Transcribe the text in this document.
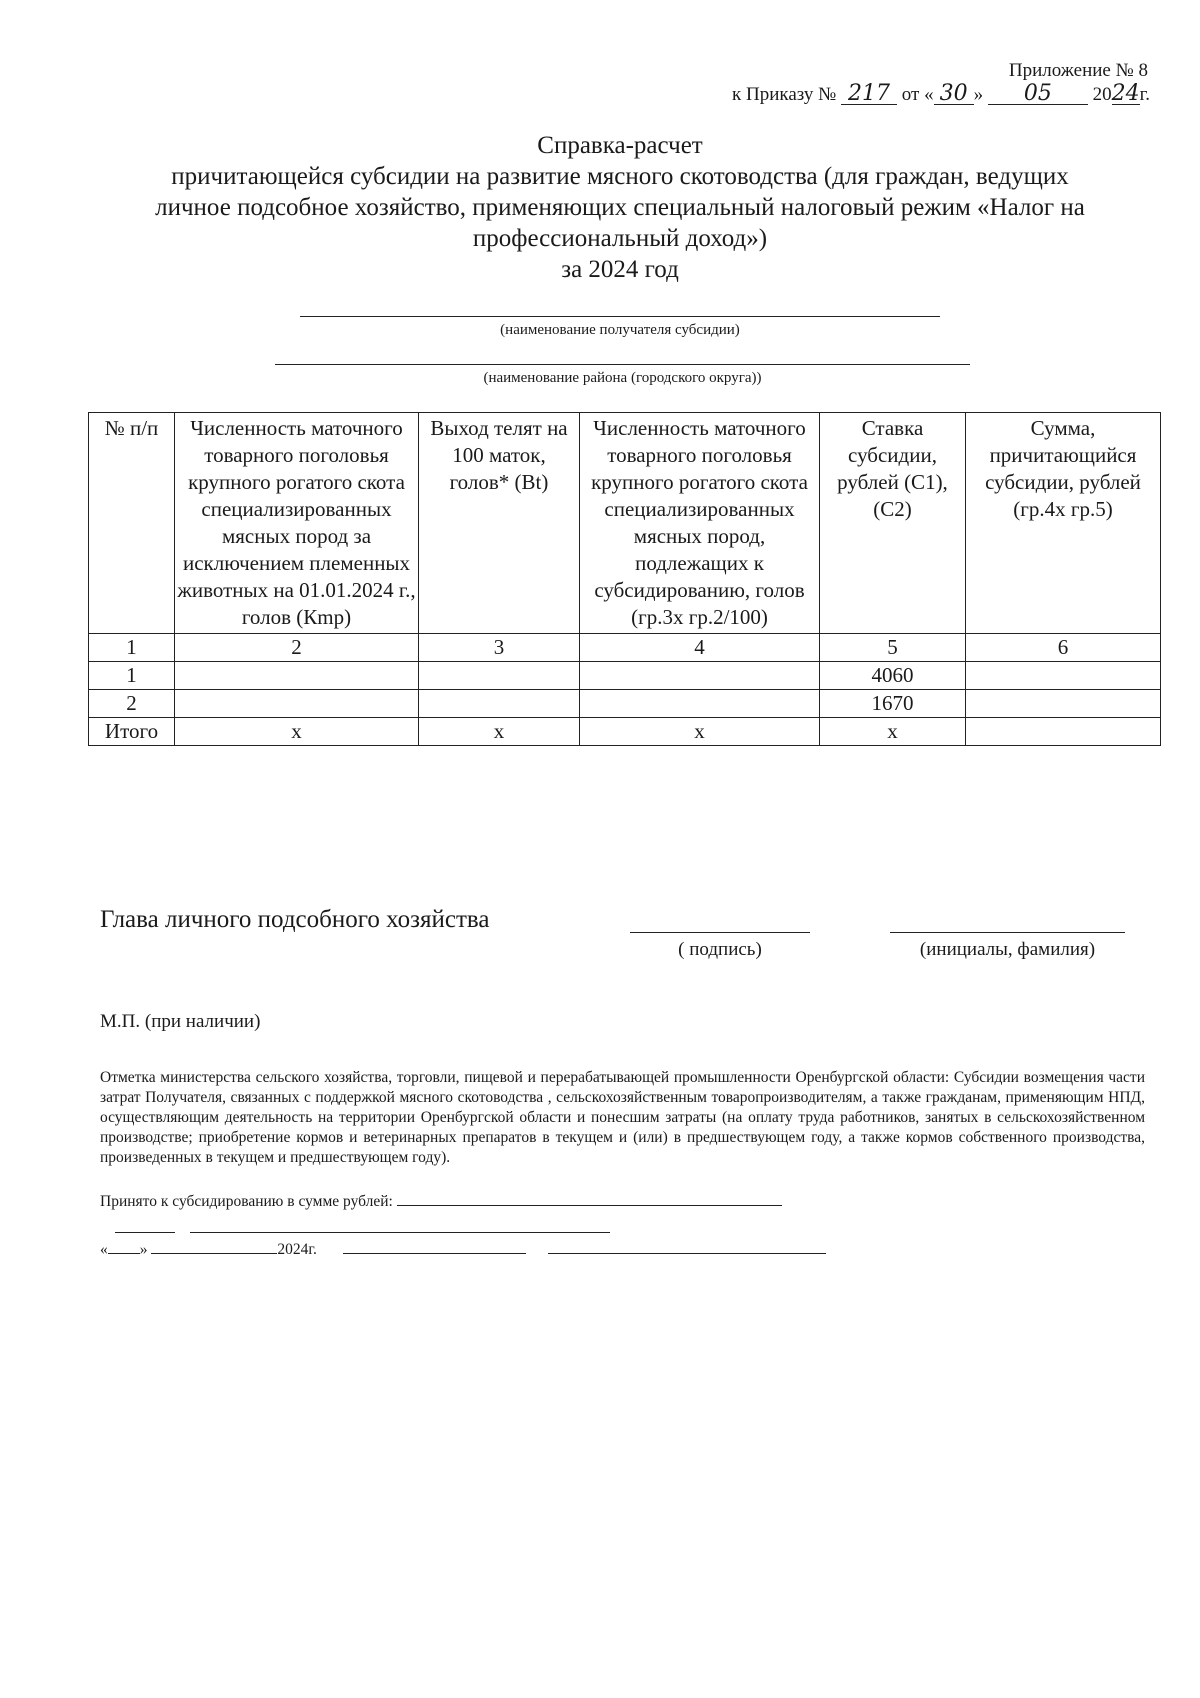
Приложение № 8
к Приказу № 217 от « 30 » 05 2024г.
Справка-расчет
причитающейся субсидии на развитие мясного скотоводства (для граждан, ведущих
личное подсобное хозяйство, применяющих специальный налоговый режим «Налог на
профессиональный доход»)
за 2024 год
(наименование получателя субсидии)
(наименование района (городского округа))
№ п/п	Численность маточного товарного поголовья крупного рогатого скота специализированных мясных пород за исключением племенных животных на 01.01.2024 г., голов (Кmp)	Выход телят на 100 маток, голов* (Bt)	Численность маточного товарного поголовья крупного рогатого скота специализированных мясных пород, подлежащих к субсидированию, голов (гр.3х гр.2/100)	Ставка субсидии, рублей (С1), (С2)	Сумма, причитающийся субсидии, рублей (гр.4х гр.5)
1	2	3	4	5	6
1				4060	
2				1670	
Итого	х	х	х	х	
Глава личного подсобного хозяйства
( подпись)	(инициалы, фамилия)
М.П. (при наличии)
Отметка министерства сельского хозяйства, торговли, пищевой и перерабатывающей промышленности Оренбургской области: Субсидии возмещения части затрат Получателя, связанных с поддержкой мясного скотоводства , сельскохозяйственным товаропроизводителям, а также гражданам, применяющим НПД, осуществляющим деятельность на территории Оренбургской области и понесшим затраты (на оплату труда работников, занятых в сельскохозяйственном производстве; приобретение кормов и ветеринарных препаратов в текущем и (или) в предшествующем году, а также кормов собственного производства, произведенных в текущем и предшествующем году).
Принято к субсидированию в сумме рублей:
« »	2024г.
